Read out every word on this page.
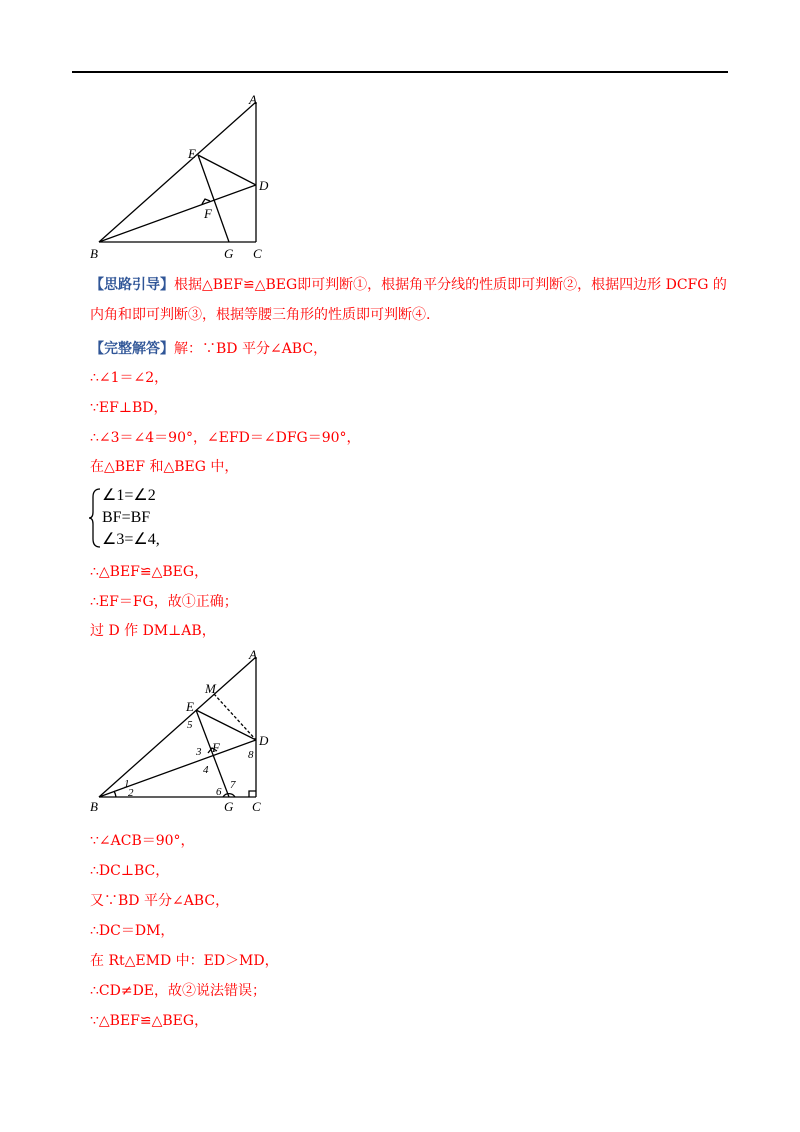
A
B	C
D
E
F
G
【思路引导】根据△BEF≌△BEG即可判断①，根据角平分线的性质即可判断②，根据四边形 DCFG 的
内角和即可判断③，根据等腰三角形的性质即可判断④.
【完整解答】解：∵BD 平分∠ABC，
∴∠1＝∠2，
∵EF⊥BD，
∴∠3＝∠4＝90°，∠EFD＝∠DFG＝90°，
在△BEF 和△BEG 中，
∠1=∠2
BF=BF
∠3=∠4,
∴△BEF≌△BEG，
∴EF＝FG，故①正确；
过 D 作 DM⊥AB，
A
B	C
D
E
F
G
M
1
2
3
4
5
6
7
8
∵∠ACB＝90°，
∴DC⊥BC，
又∵BD 平分∠ABC，
∴DC＝DM，
在 Rt△EMD 中：ED＞MD，
∴CD≠DE，故②说法错误；
∵△BEF≌△BEG，
